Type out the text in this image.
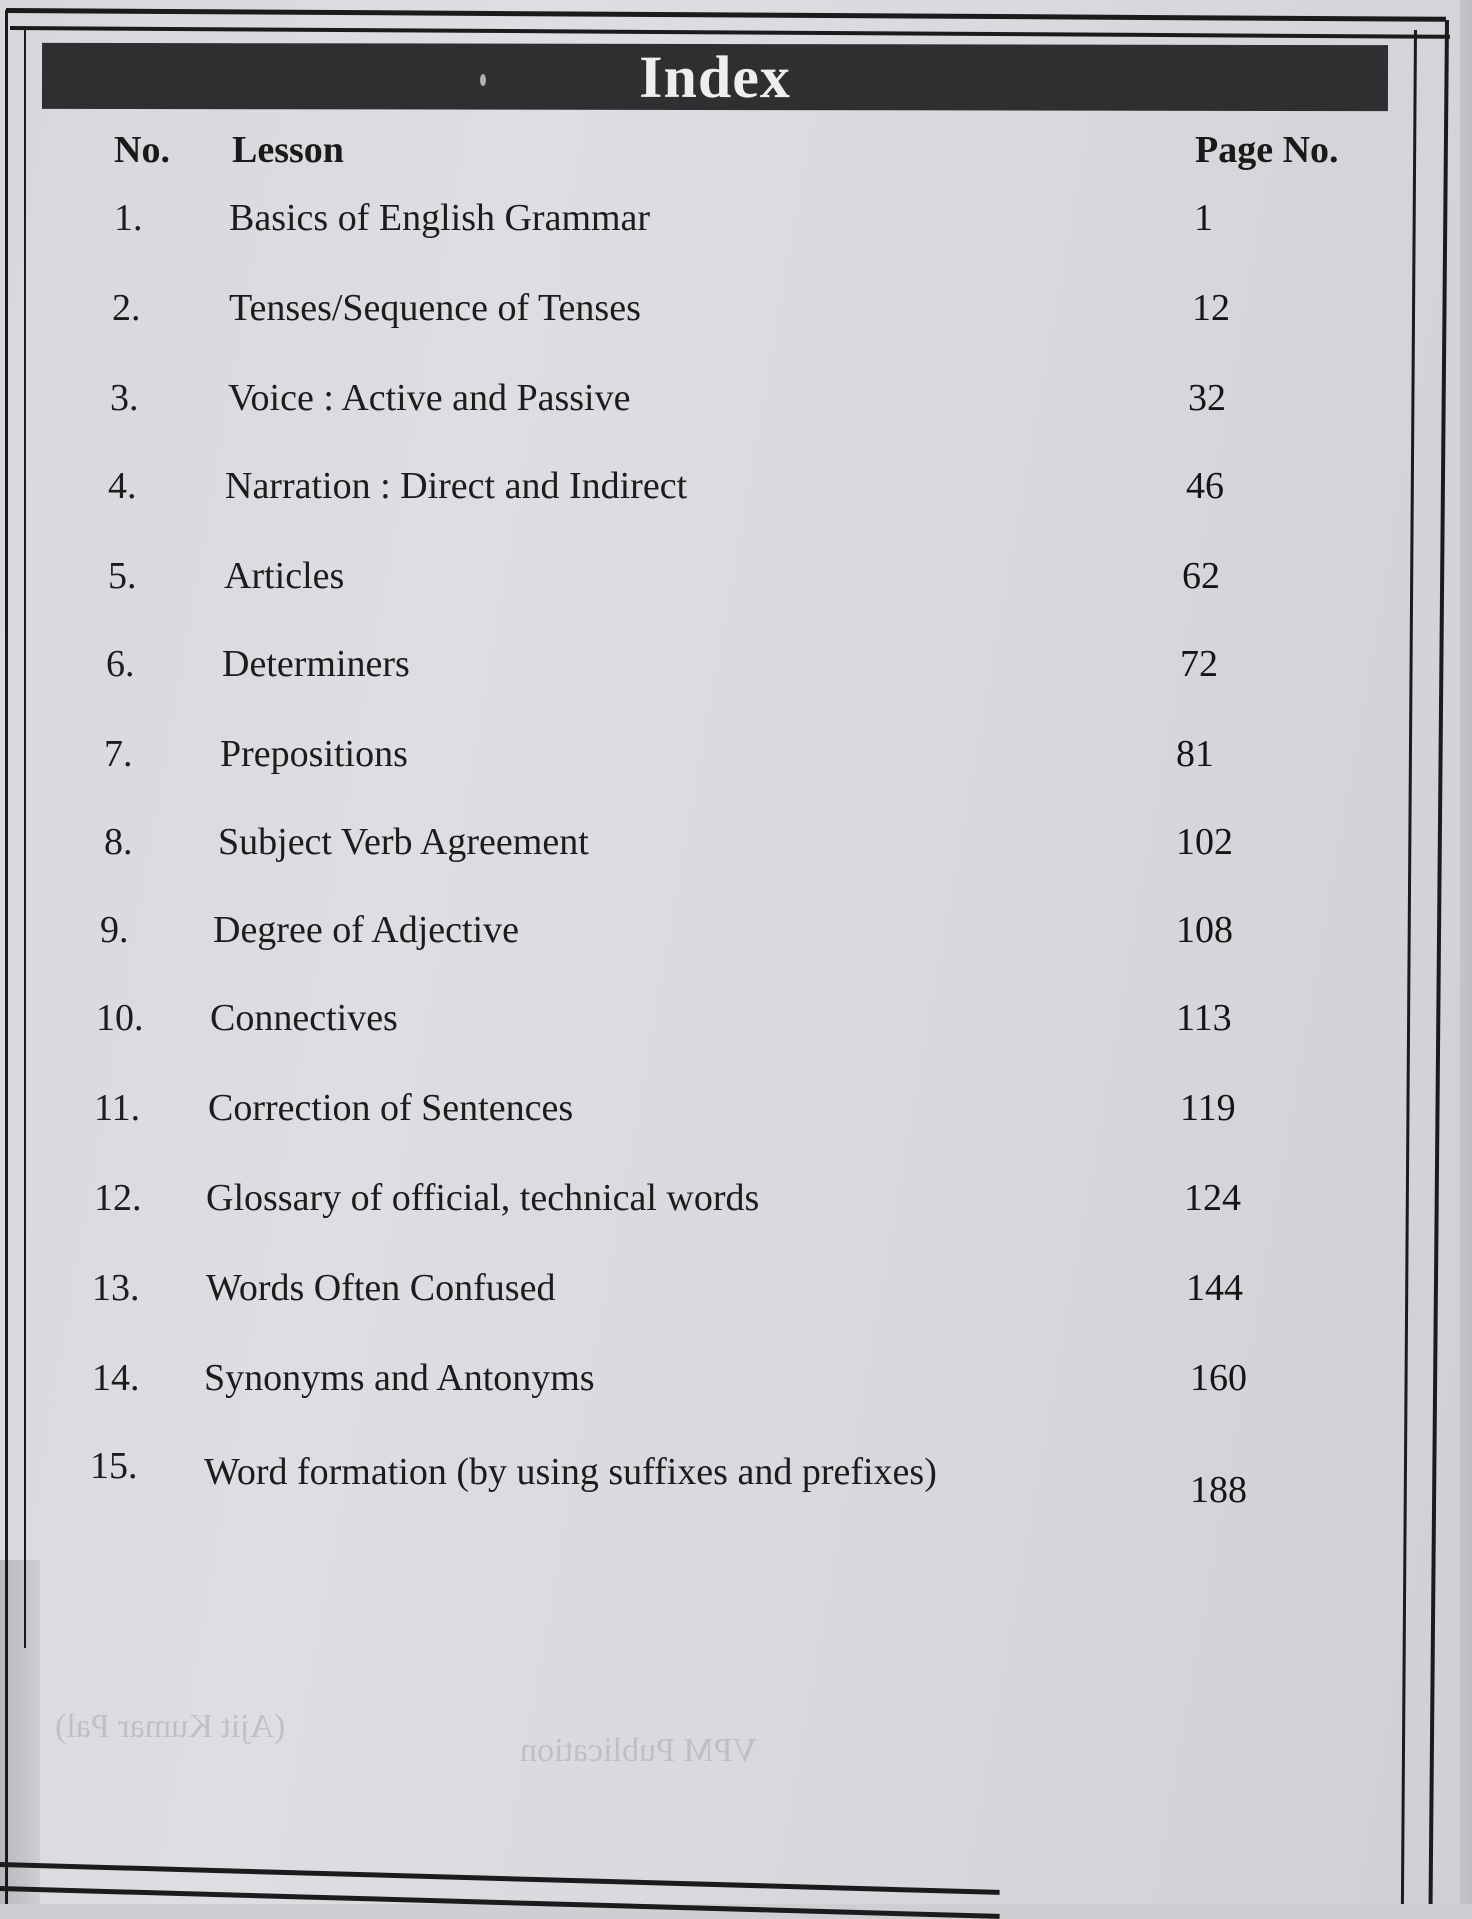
(Ajit Kumar Pal)
VPM Publication
Index
No. Lesson	Page No.
1. Basics of English Grammar	1
2. Tenses/Sequence of Tenses	12
3. Voice : Active and Passive	32
4. Narration : Direct and Indirect	46
5. Articles	62
6. Determiners	72
7. Prepositions	81
8. Subject Verb Agreement	102
9. Degree of Adjective	108
10. Connectives	113
11. Correction of Sentences	119
12. Glossary of official, technical words	124
13. Words Often Confused	144
14. Synonyms and Antonyms	160
15. Word formation (by using suffixes and prefixes)	188
